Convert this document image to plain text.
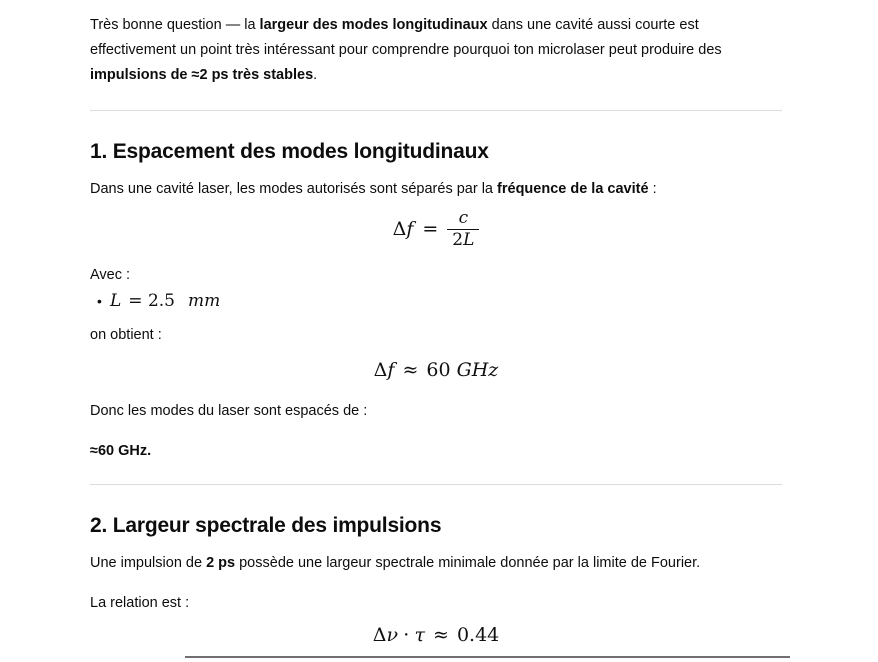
Très bonne question — la largeur des modes longitudinaux dans une cavité aussi courte est effectivement un point très intéressant pour comprendre pourquoi ton microlaser peut produire des impulsions de ≈2 ps très stables.

1. Espacement des modes longitudinaux

Dans une cavité laser, les modes autorisés sont séparés par la fréquence de la cavité :

Δ $f = \frac{c}{2L}$

Avec :

• L = 2.5 mm

on obtient :

Δ f ≈ 60 GHz

Donc les modes du laser sont espacés de :

≈60 GHz.

2. Largeur spectrale des impulsions

Une impulsion de 2 ps possède une largeur spectrale minimale donnée par la limite de Fourier.

La relation est :

Δ ν ⋅ τ ≈ 0.44
